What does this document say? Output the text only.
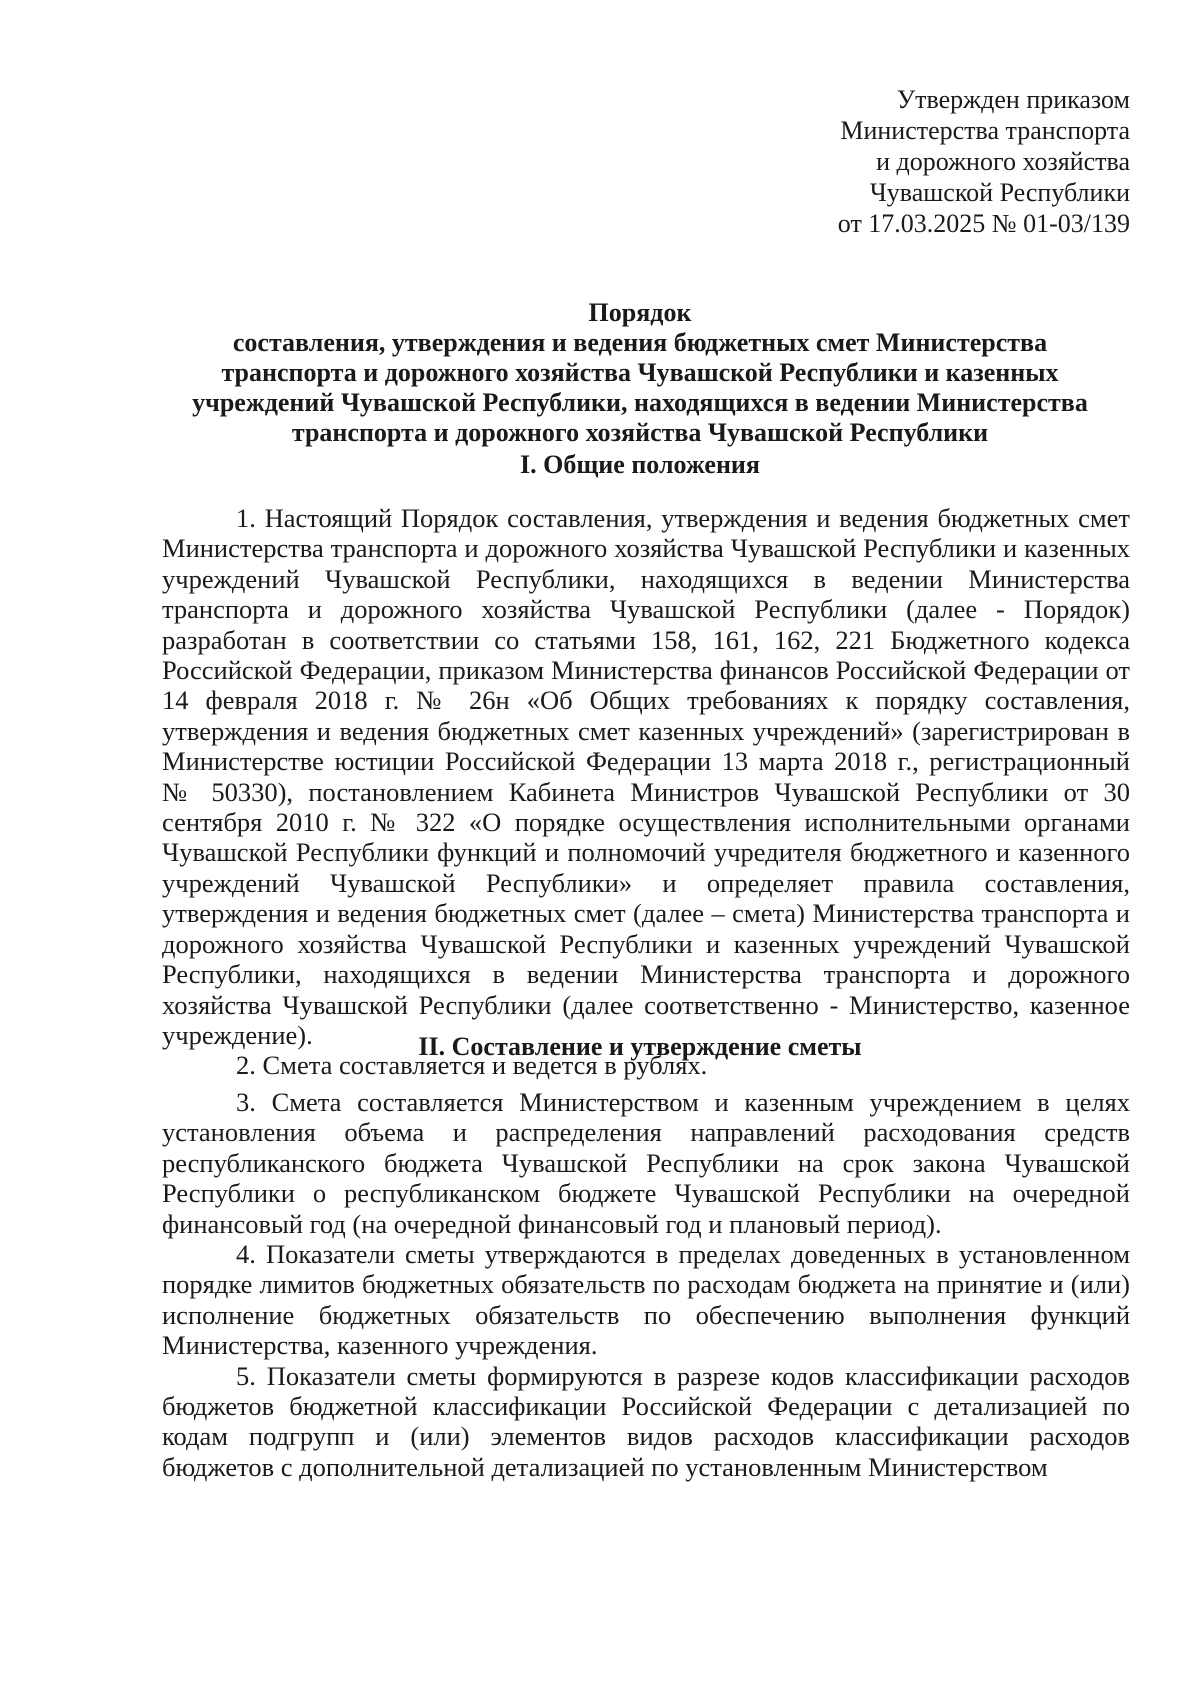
Утвержден приказом
Министерства транспорта
и дорожного хозяйства
Чувашской Республики
от 17.03.2025 № 01-03/139
Порядок
составления, утверждения и ведения бюджетных смет Министерства
транспорта и дорожного хозяйства Чувашской Республики и казенных
учреждений Чувашской Республики, находящихся в ведении Министерства
транспорта и дорожного хозяйства Чувашской Республики
I. Общие положения

1. Настоящий Порядок составления, утверждения и ведения бюджетных смет Министерства транспорта и дорожного хозяйства Чувашской Республики и казенных учреждений Чувашской Республики, находящихся в ведении Министерства транспорта и дорожного хозяйства Чувашской Республики (далее - Порядок) разработан в соответствии со статьями 158, 161, 162, 221 Бюджетного кодекса Российской Федерации, приказом Министерства финансов Российской Федерации от 14 февраля 2018 г. № 26н «Об Общих требованиях к порядку составления, утверждения и ведения бюджетных смет казенных учреждений» (зарегистрирован в Министерстве юстиции Российской Федерации 13 марта 2018 г., регистрационный № 50330), постановлением Кабинета Министров Чувашской Республики от 30 сентября 2010 г. № 322 «О порядке осуществления исполнительными органами Чувашской Республики функций и полномочий учредителя бюджетного и казенного учреждений Чувашской Республики» и определяет правила составления, утверждения и ведения бюджетных смет (далее – смета) Министерства транспорта и дорожного хозяйства Чувашской Республики и казенных учреждений Чувашской Республики, находящихся в ведении Министерства транспорта и дорожного хозяйства Чувашской Республики (далее соответственно - Министерство, казенное учреждение).

2. Смета составляется и ведется в рублях.

II. Составление и утверждение сметы

3. Смета составляется Министерством и казенным учреждением в целях установления объема и распределения направлений расходования средств республиканского бюджета Чувашской Республики на срок закона Чувашской Республики о республиканском бюджете Чувашской Республики на очередной финансовый год (на очередной финансовый год и плановый период).

4. Показатели сметы утверждаются в пределах доведенных в установленном порядке лимитов бюджетных обязательств по расходам бюджета на принятие и (или) исполнение бюджетных обязательств по обеспечению выполнения функций Министерства, казенного учреждения.

5. Показатели сметы формируются в разрезе кодов классификации расходов бюджетов бюджетной классификации Российской Федерации с детализацией по кодам подгрупп и (или) элементов видов расходов классификации расходов бюджетов с дополнительной детализацией по установленным Министерством
